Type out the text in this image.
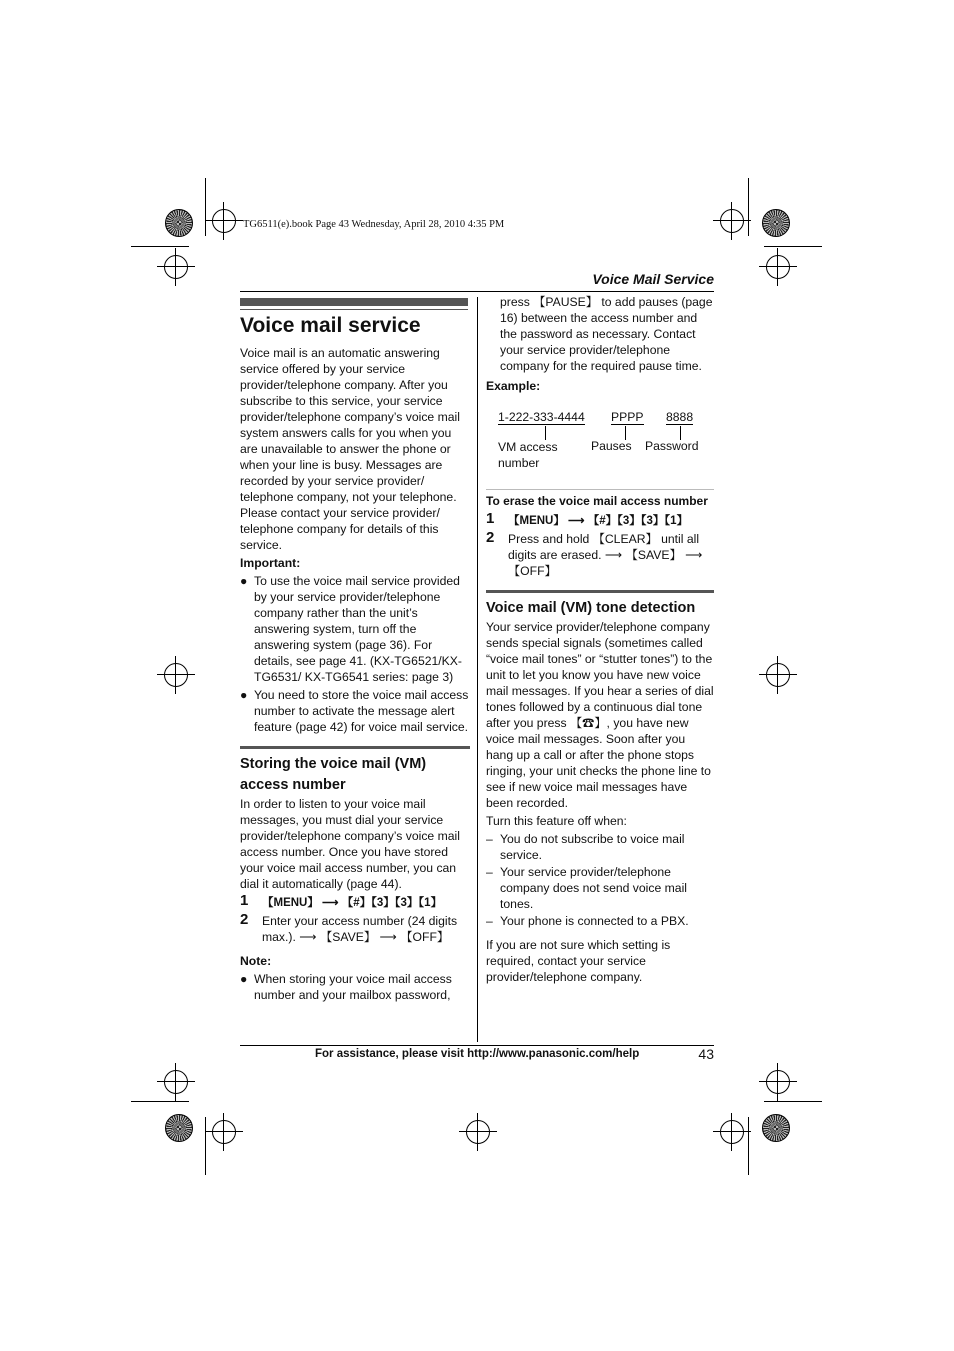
TG6511(e).book Page 43 Wednesday, April 28, 2010 4:35 PM
Voice Mail Service
Voice mail service

Voice mail is an automatic answering service offered by your service provider/telephone company. After you subscribe to this service, your service provider/telephone company’s voice mail system answers calls for you when you are unavailable to answer the phone or when your line is busy. Messages are recorded by your service provider/ telephone company, not your telephone. Please contact your service provider/ telephone company for details of this service.

Important:

● To use the voice mail service provided by your service provider/telephone company rather than the unit’s answering system, turn off the answering system (page 36). For details, see page 41. (KX-TG6521/KX-TG6531/ KX-TG6541 series: page 3)
● You need to store the voice mail access number to activate the message alert feature (page 42) for voice mail service.
Storing the voice mail (VM) access number

In order to listen to your voice mail messages, you must dial your service provider/telephone company’s voice mail access number. Once you have stored your voice mail access number, you can dial it automatically (page 44).

1 【MENU】 ⟶ 【#】【3】【3】【1】
2 Enter your access number (24 digits max.). ⟶ 【SAVE】 ⟶ 【OFF】

Note:

● When storing your voice mail access number and your mailbox password,

press 【PAUSE】 to add pauses (page 16) between the access number and the password as necessary. Contact your service provider/telephone company for the required pause time.

Example:

1-222-333-4444 PPPP 8888
VM access number
Pauses Password

To erase the voice mail access number

1 【MENU】 ⟶ 【#】【3】【3】【1】
2 Press and hold 【CLEAR】 until all digits are erased. ⟶ 【SAVE】 ⟶ 【OFF】
Voice mail (VM) tone detection

Your service provider/telephone company sends special signals (sometimes called “voice mail tones” or “stutter tones”) to the unit to let you know you have new voice mail messages. If you hear a series of dial tones followed by a continuous dial tone after you press 【☎】, you have new voice mail messages. Soon after you hang up a call or after the phone stops ringing, your unit checks the phone line to see if new voice mail messages have been recorded.

Turn this feature off when:

– You do not subscribe to voice mail service.
– Your service provider/telephone company does not send voice mail tones.
– Your phone is connected to a PBX.

If you are not sure which setting is required, contact your service provider/telephone company.

For assistance, please visit http://www.panasonic.com/help	43
